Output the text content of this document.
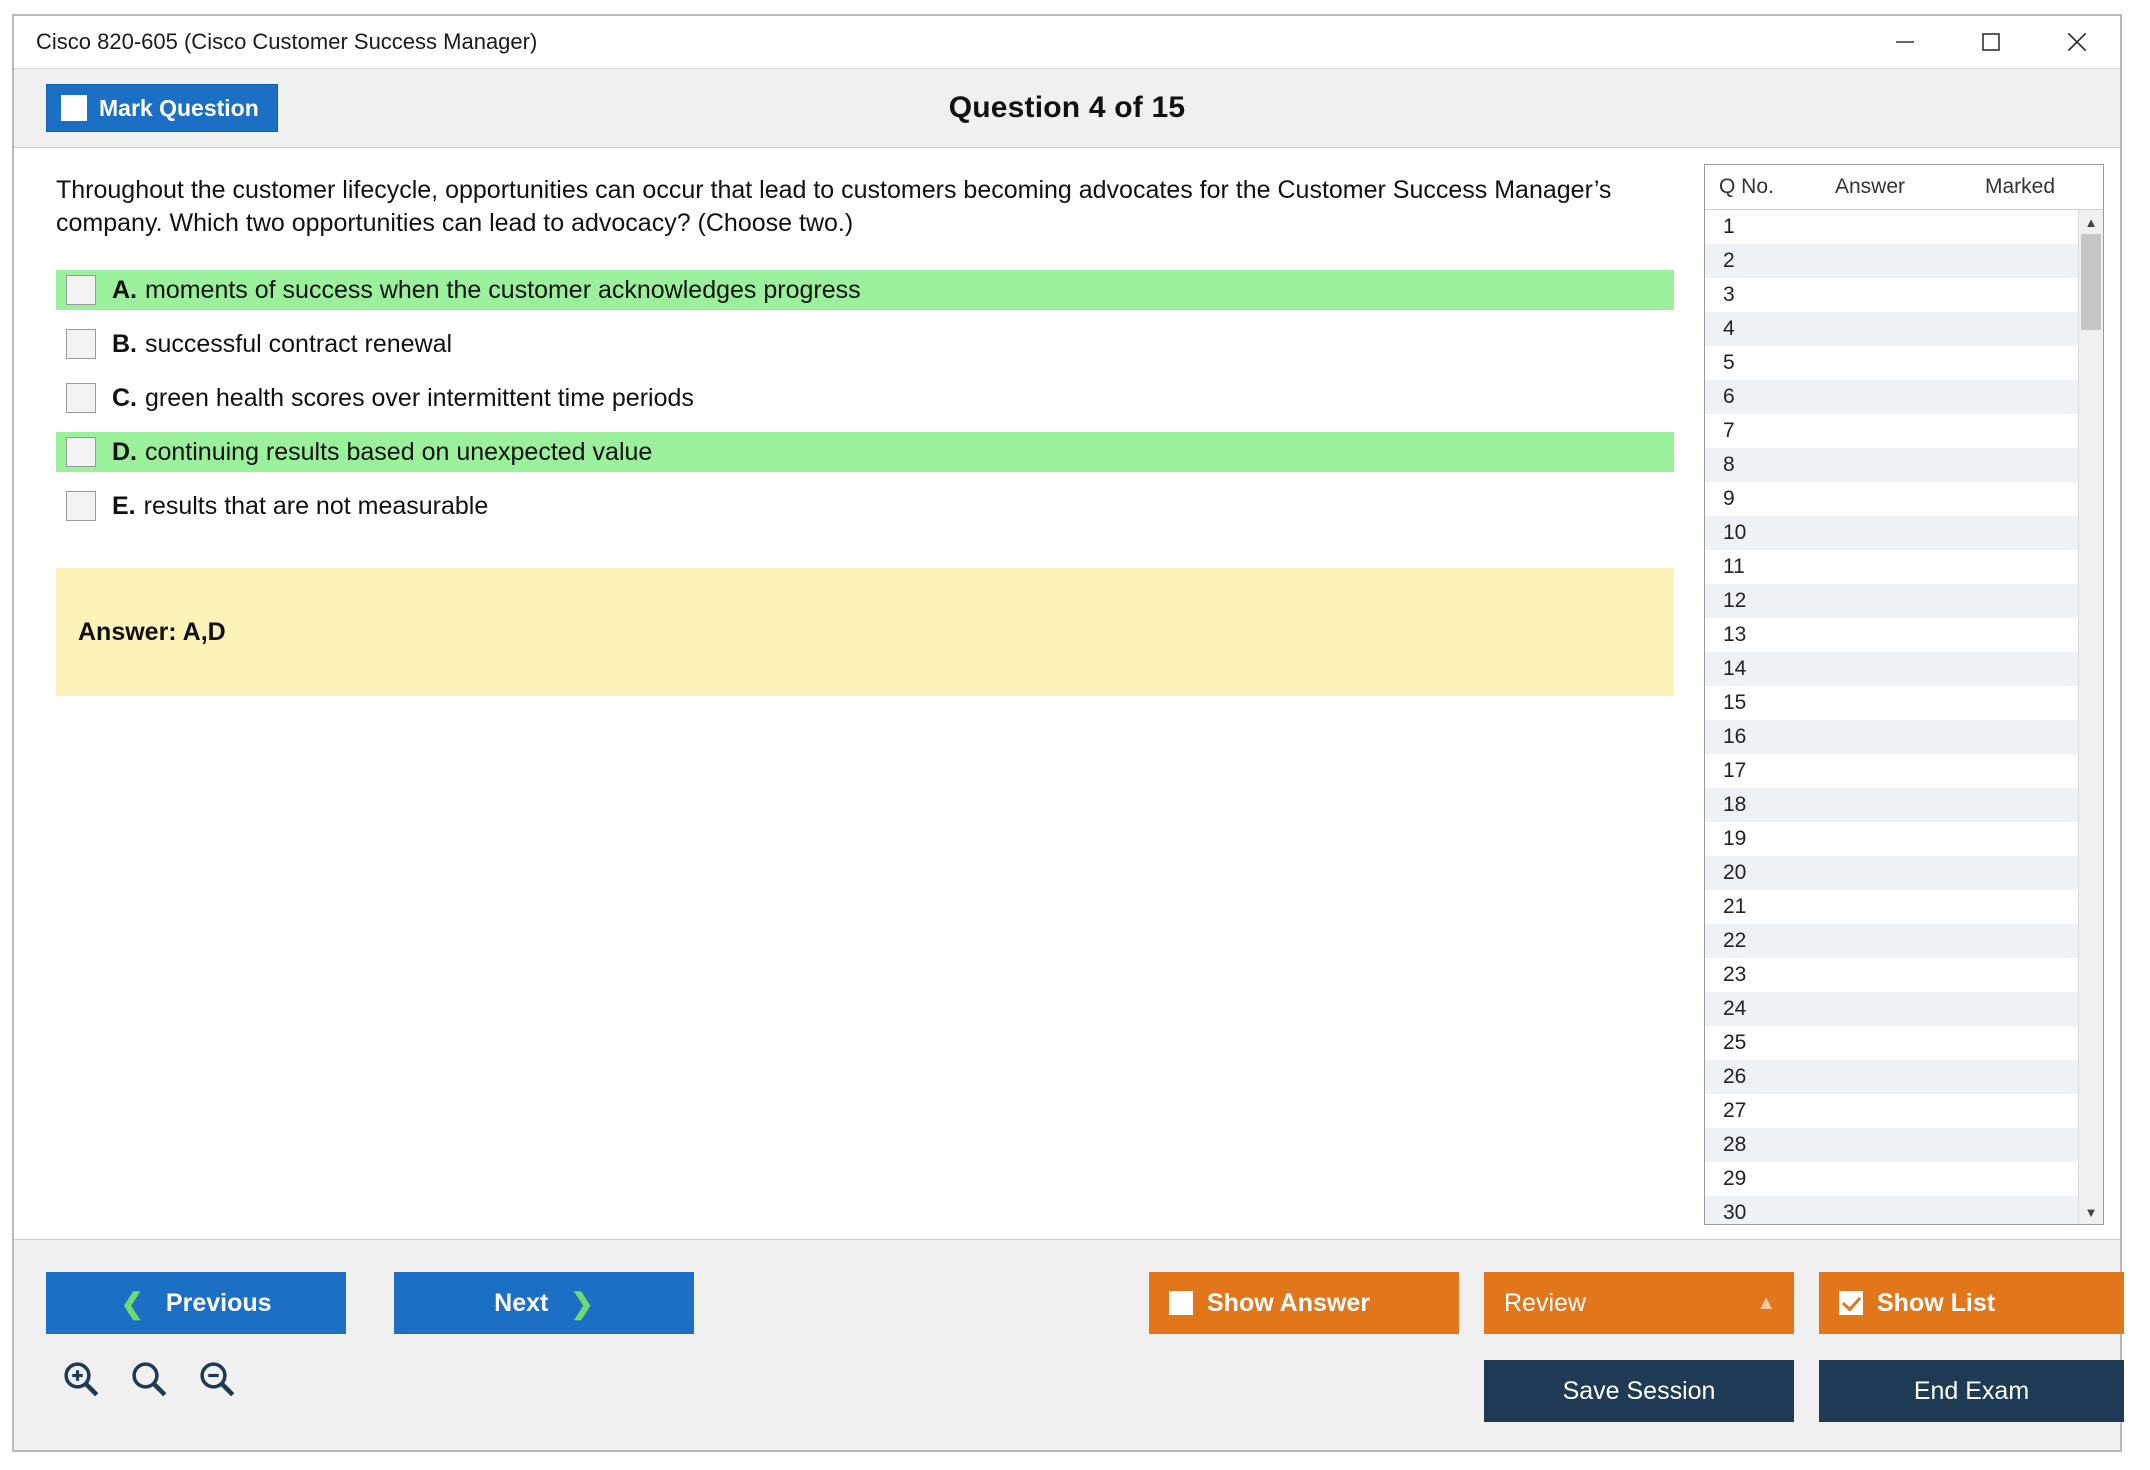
Cisco 820-605 (Cisco Customer Success Manager)
Mark Question	Question 4 of 15
Throughout the customer lifecycle, opportunities can occur that lead to customers becoming advocates for the Customer Success Manager’s company. Which two opportunities can lead to advocacy? (Choose two.)
A. moments of success when the customer acknowledges progress
B. successful contract renewal
C. green health scores over intermittent time periods
D. continuing results based on unexpected value
E. results that are not measurable
Answer: A,D
Q No.	Answer	Marked
1
2
3
4
5
6
7
8
9
10
11
12
13
14
15
16
17
18
19
20
21
22
23
24
25
26
27
28
29
30
▲
▼
❮ Previous	Next ❯	Show Answer	Review	▲	Show List
Save Session	End Exam
